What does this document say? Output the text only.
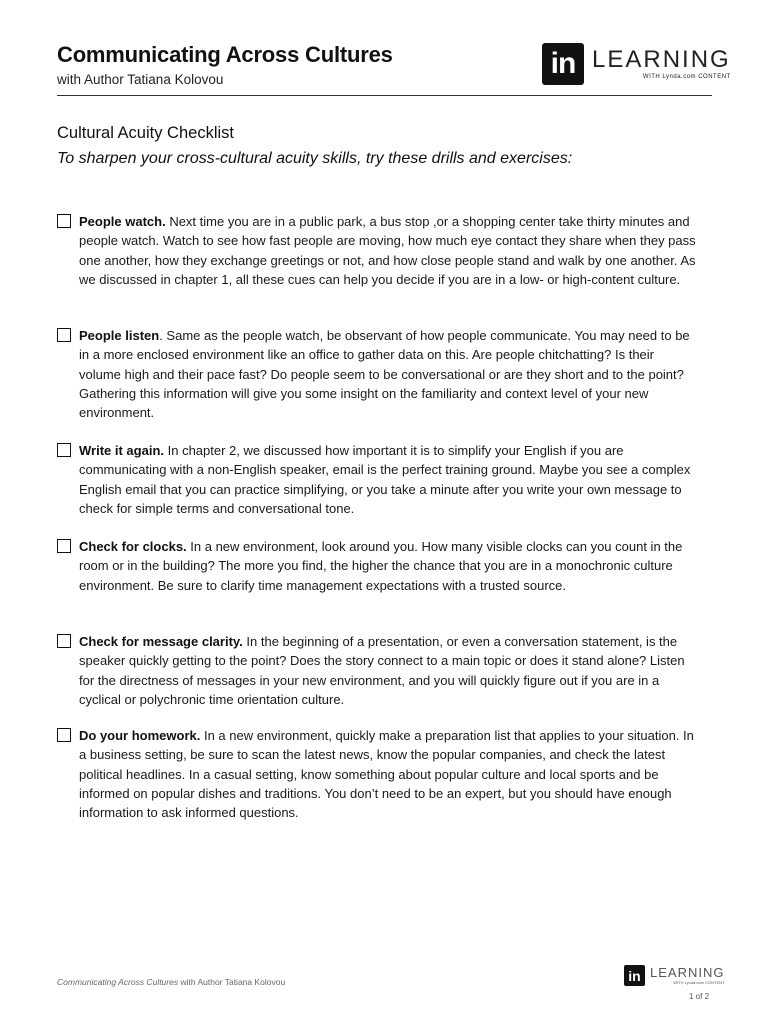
Communicating Across Cultures
with Author Tatiana Kolovou	in LEARNING
WITH Lynda.com CONTENT
Cultural Acuity Checklist
To sharpen your cross-cultural acuity skills, try these drills and exercises:
People watch. Next time you are in a public park, a bus stop ,or a shopping center take thirty minutes and people watch. Watch to see how fast people are moving, how much eye contact they share when they pass one another, how they exchange greetings or not, and how close people stand and walk by one another. As we discussed in chapter 1, all these cues can help you decide if you are in a low- or high-content culture.
People listen. Same as the people watch, be observant of how people communicate. You may need to be in a more enclosed environment like an office to gather data on this. Are people chitchatting? Is their volume high and their pace fast? Do people seem to be conversational or are they short and to the point? Gathering this information will give you some insight on the familiarity and context level of your new environment.
Write it again. In chapter 2, we discussed how important it is to simplify your English if you are communicating with a non-English speaker, email is the perfect training ground. Maybe you see a complex English email that you can practice simplifying, or you take a minute after you write your own message to check for simple terms and conversational tone.
Check for clocks. In a new environment, look around you. How many visible clocks can you count in the room or in the building? The more you find, the higher the chance that you are in a monochronic culture environment. Be sure to clarify time management expectations with a trusted source.
Check for message clarity. In the beginning of a presentation, or even a conversation statement, is the speaker quickly getting to the point? Does the story connect to a main topic or does it stand alone? Listen for the directness of messages in your new environment, and you will quickly figure out if you are in a cyclical or polychronic time orientation culture.
Do your homework. In a new environment, quickly make a preparation list that applies to your situation. In a business setting, be sure to scan the latest news, know the popular companies, and check the latest political headlines. In a casual setting, know something about popular culture and local sports and be informed on popular dishes and traditions. You don’t need to be an expert, but you should have enough information to ask informed questions.
Communicating Across Cultures with Author Tatiana Kolovou	in LEARNING
WITH Lynda.com CONTENT
1 of 2
